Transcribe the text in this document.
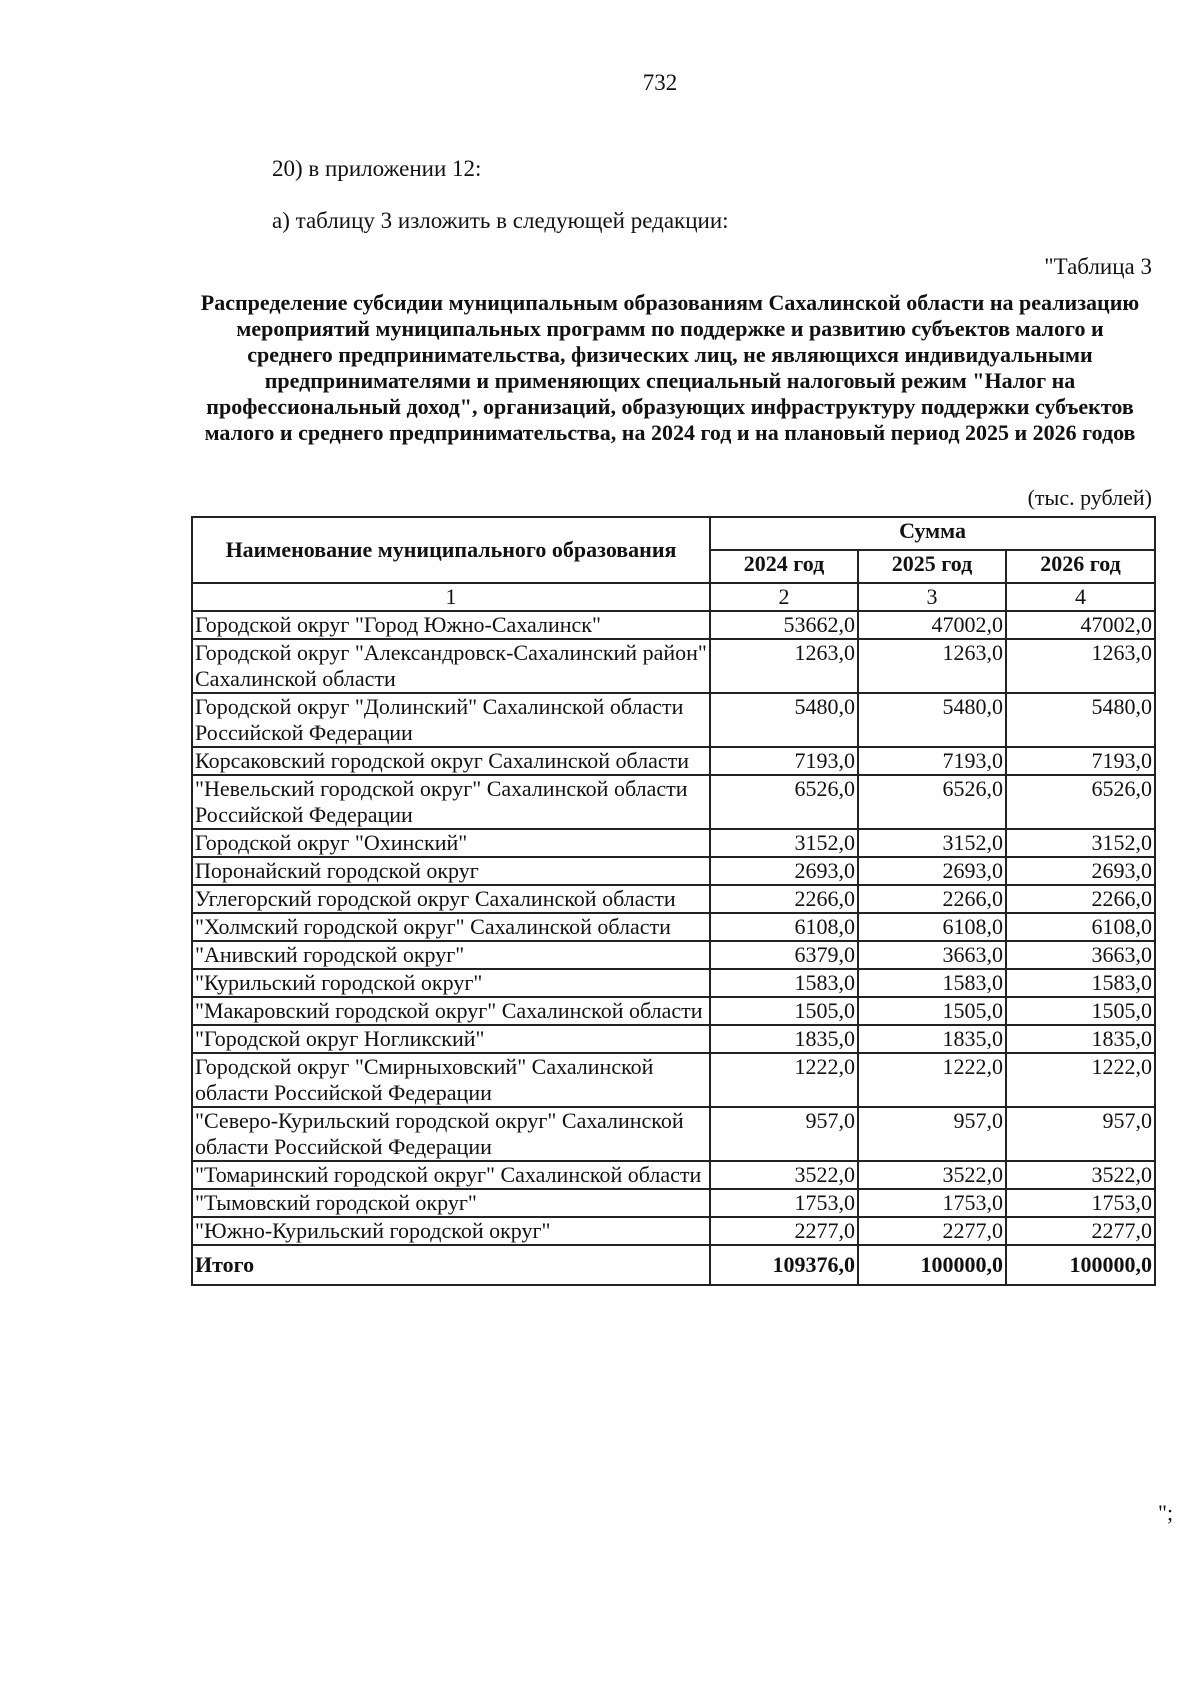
732
20) в приложении 12:
а) таблицу 3 изложить в следующей редакции:
"Таблица 3
Распределение субсидии муниципальным образованиям Сахалинской области на реализацию мероприятий муниципальных программ по поддержке и развитию субъектов малого и среднего предпринимательства, физических лиц, не являющихся индивидуальными предпринимателями и применяющих специальный налоговый режим "Налог на профессиональный доход", организаций, образующих инфраструктуру поддержки субъектов малого и среднего предпринимательства, на 2024 год и на плановый период 2025 и 2026 годов
(тыс. рублей)
Наименование муниципального образования	Сумма		
	2024 год	2025 год	2026 год
1	2	3	4
Городской округ "Город Южно-Сахалинск"	53662,0	47002,0	47002,0
Городской округ "Александровск-Сахалинский район" Сахалинской области	1263,0	1263,0	1263,0
Городской округ "Долинский" Сахалинской области Российской Федерации	5480,0	5480,0	5480,0
Корсаковский городской округ Сахалинской области	7193,0	7193,0	7193,0
"Невельский городской округ" Сахалинской области Российской Федерации	6526,0	6526,0	6526,0
Городской округ "Охинский"	3152,0	3152,0	3152,0
Поронайский городской округ	2693,0	2693,0	2693,0
Углегорский городской округ Сахалинской области	2266,0	2266,0	2266,0
"Холмский городской округ" Сахалинской области	6108,0	6108,0	6108,0
"Анивский городской округ"	6379,0	3663,0	3663,0
"Курильский городской округ"	1583,0	1583,0	1583,0
"Макаровский городской округ" Сахалинской области	1505,0	1505,0	1505,0
"Городской округ Ногликский"	1835,0	1835,0	1835,0
Городской округ "Смирныховский" Сахалинской области Российской Федерации	1222,0	1222,0	1222,0
"Северо-Курильский городской округ" Сахалинской области Российской Федерации	957,0	957,0	957,0
"Томаринский городской округ" Сахалинской области	3522,0	3522,0	3522,0
"Тымовский городской округ"	1753,0	1753,0	1753,0
"Южно-Курильский городской округ"	2277,0	2277,0	2277,0
Итого	109376,0	100000,0	100000,0
";
